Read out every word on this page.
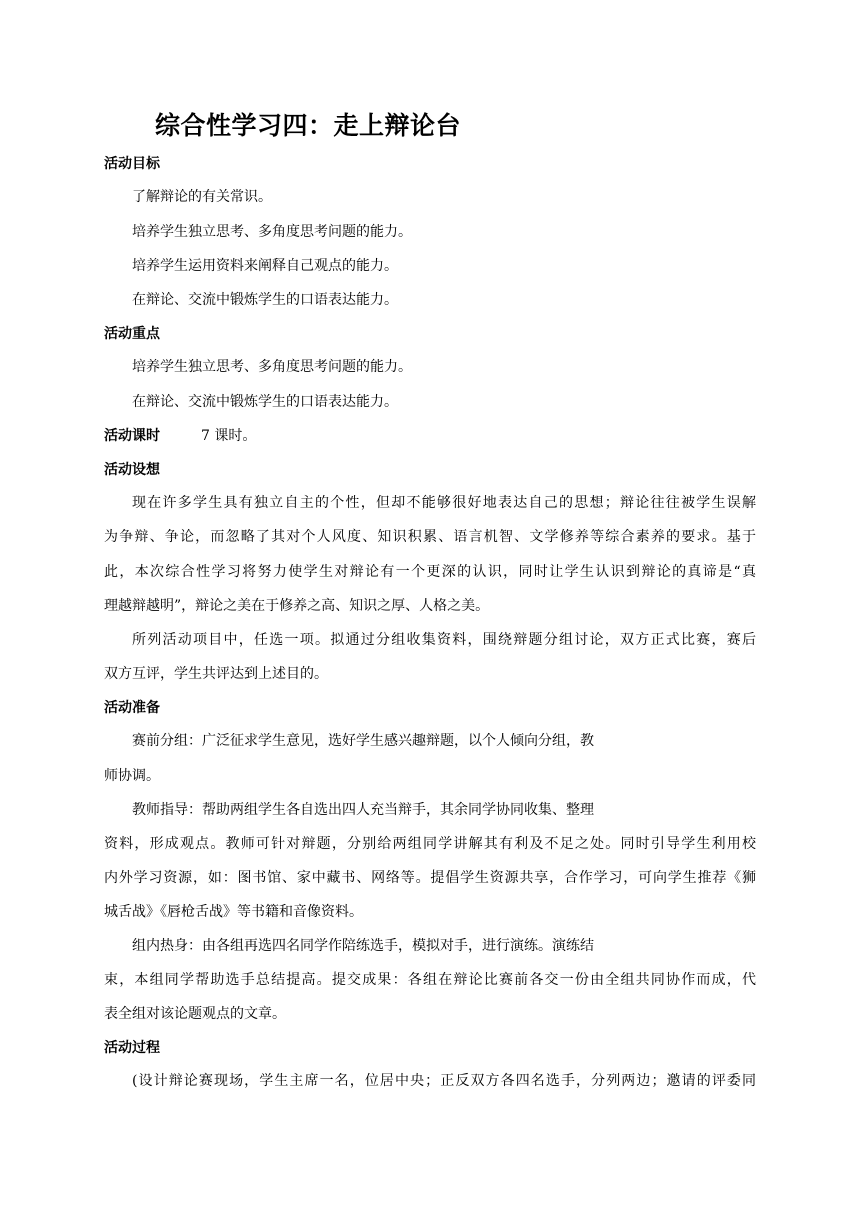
综合性学习四：走上辩论台
活动目标
了解辩论的有关常识。
培养学生独立思考、多角度思考问题的能力。
培养学生运用资料来阐释自己观点的能力。
在辩论、交流中锻炼学生的口语表达能力。
活动重点
培养学生独立思考、多角度思考问题的能力。
在辩论、交流中锻炼学生的口语表达能力。
活动课时	7 课时。
活动设想
现在许多学生具有独立自主的个性，但却不能够很好地表达自己的思想；辩论往往被学生误解
为争辩、争论，而忽略了其对个人风度、知识积累、语言机智、文学修养等综合素养的要求。基于
此，本次综合性学习将努力使学生对辩论有一个更深的认识，同时让学生认识到辩论的真谛是“真
理越辩越明”，辩论之美在于修养之高、知识之厚、人格之美。
所列活动项目中，任选一项。拟通过分组收集资料，围绕辩题分组讨论，双方正式比赛，赛后
双方互评，学生共评达到上述目的。
活动准备
赛前分组：广泛征求学生意见，选好学生感兴趣辩题，以个人倾向分组，教
师协调。
教师指导：帮助两组学生各自选出四人充当辩手，其余同学协同收集、整理
资料，形成观点。教师可针对辩题，分别给两组同学讲解其有利及不足之处。同时引导学生利用校
内外学习资源，如：图书馆、家中藏书、网络等。提倡学生资源共享，合作学习，可向学生推荐《狮
城舌战》《唇枪舌战》等书籍和音像资料。
组内热身：由各组再选四名同学作陪练选手，模拟对手，进行演练。演练结
束，本组同学帮助选手总结提高。提交成果：各组在辩论比赛前各交一份由全组共同协作而成，代
表全组对该论题观点的文章。
活动过程
(设计辩论赛现场，学生主席一名，位居中央；正反双方各四名选手，分列两边；邀请的评委同
